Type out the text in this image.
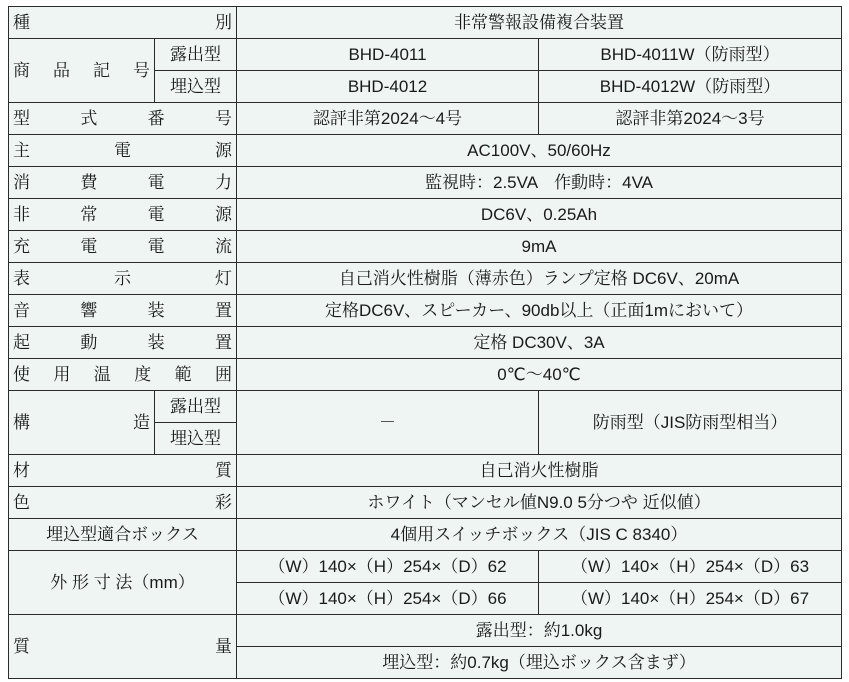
種　　　別		非常警報設備複合装置	
商 品 記 号	露出型	BHD-4011	BHD-4011W（防雨型）
	埋込型	BHD-4012	BHD-4012W（防雨型）
型　式　番　号		認評非第2024〜4号	認評非第2024〜3号
主　　電　　源		AC100V、50/60Hz	
消　費　電　力		監視時：2.5VA　作動時：4VA	
非　常　電　源		DC6V、0.25Ah	
充　電　電　流		9mA	
表　　示　　灯		自己消火性樹脂（薄赤色）ランプ定格 DC6V、20mA	
音　響　装　置		定格DC6V、スピーカー、90db以上（正面1mにおいて）	
起　動　装　置		定格 DC30V、3A	
使 用 温 度 範 囲		0℃〜40℃	
構　　　造	露出型	－	防雨型（JIS防雨型相当）
	埋込型		
材　　　　　質		自己消火性樹脂	
色　　　　　彩		ホワイト（マンセル値N9.0 5分つや 近似値）	
埋込型適合ボックス		4個用スイッチボックス（JIS C 8340）	
外 形 寸 法（mm）		（W）140×（H）254×（D）62	（W）140×（H）254×（D）63
		（W）140×（H）254×（D）66	（W）140×（H）254×（D）67
質　　　　　量		露出型：約1.0kg	
		埋込型：約0.7kg（埋込ボックス含まず）	
